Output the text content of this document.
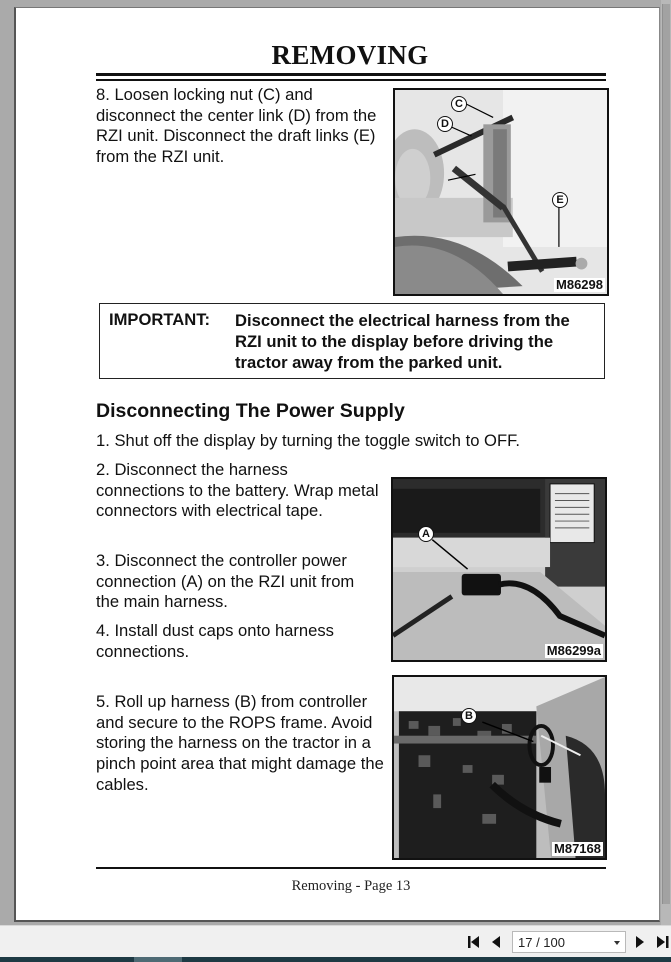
REMOVING
8. Loosen locking nut (C) and disconnect the center link (D) from the RZI unit. Disconnect the draft links (E) from the RZI unit.
C
D
E
M86298
IMPORTANT: Disconnect the electrical harness from the RZI unit to the display before driving the tractor away from the parked unit.
Disconnecting The Power Supply
1. Shut off the display by turning the toggle switch to OFF.
2. Disconnect the harness connections to the battery. Wrap metal connectors with electrical tape.
3. Disconnect the controller power connection (A) on the RZI unit from the main harness.
4. Install dust caps onto harness connections.
5. Roll up harness (B) from controller and secure to the ROPS frame. Avoid storing the harness on the tractor in a pinch point area that might damage the cables.
A
M86299a
B
M87168
Removing - Page 13
17 / 100
